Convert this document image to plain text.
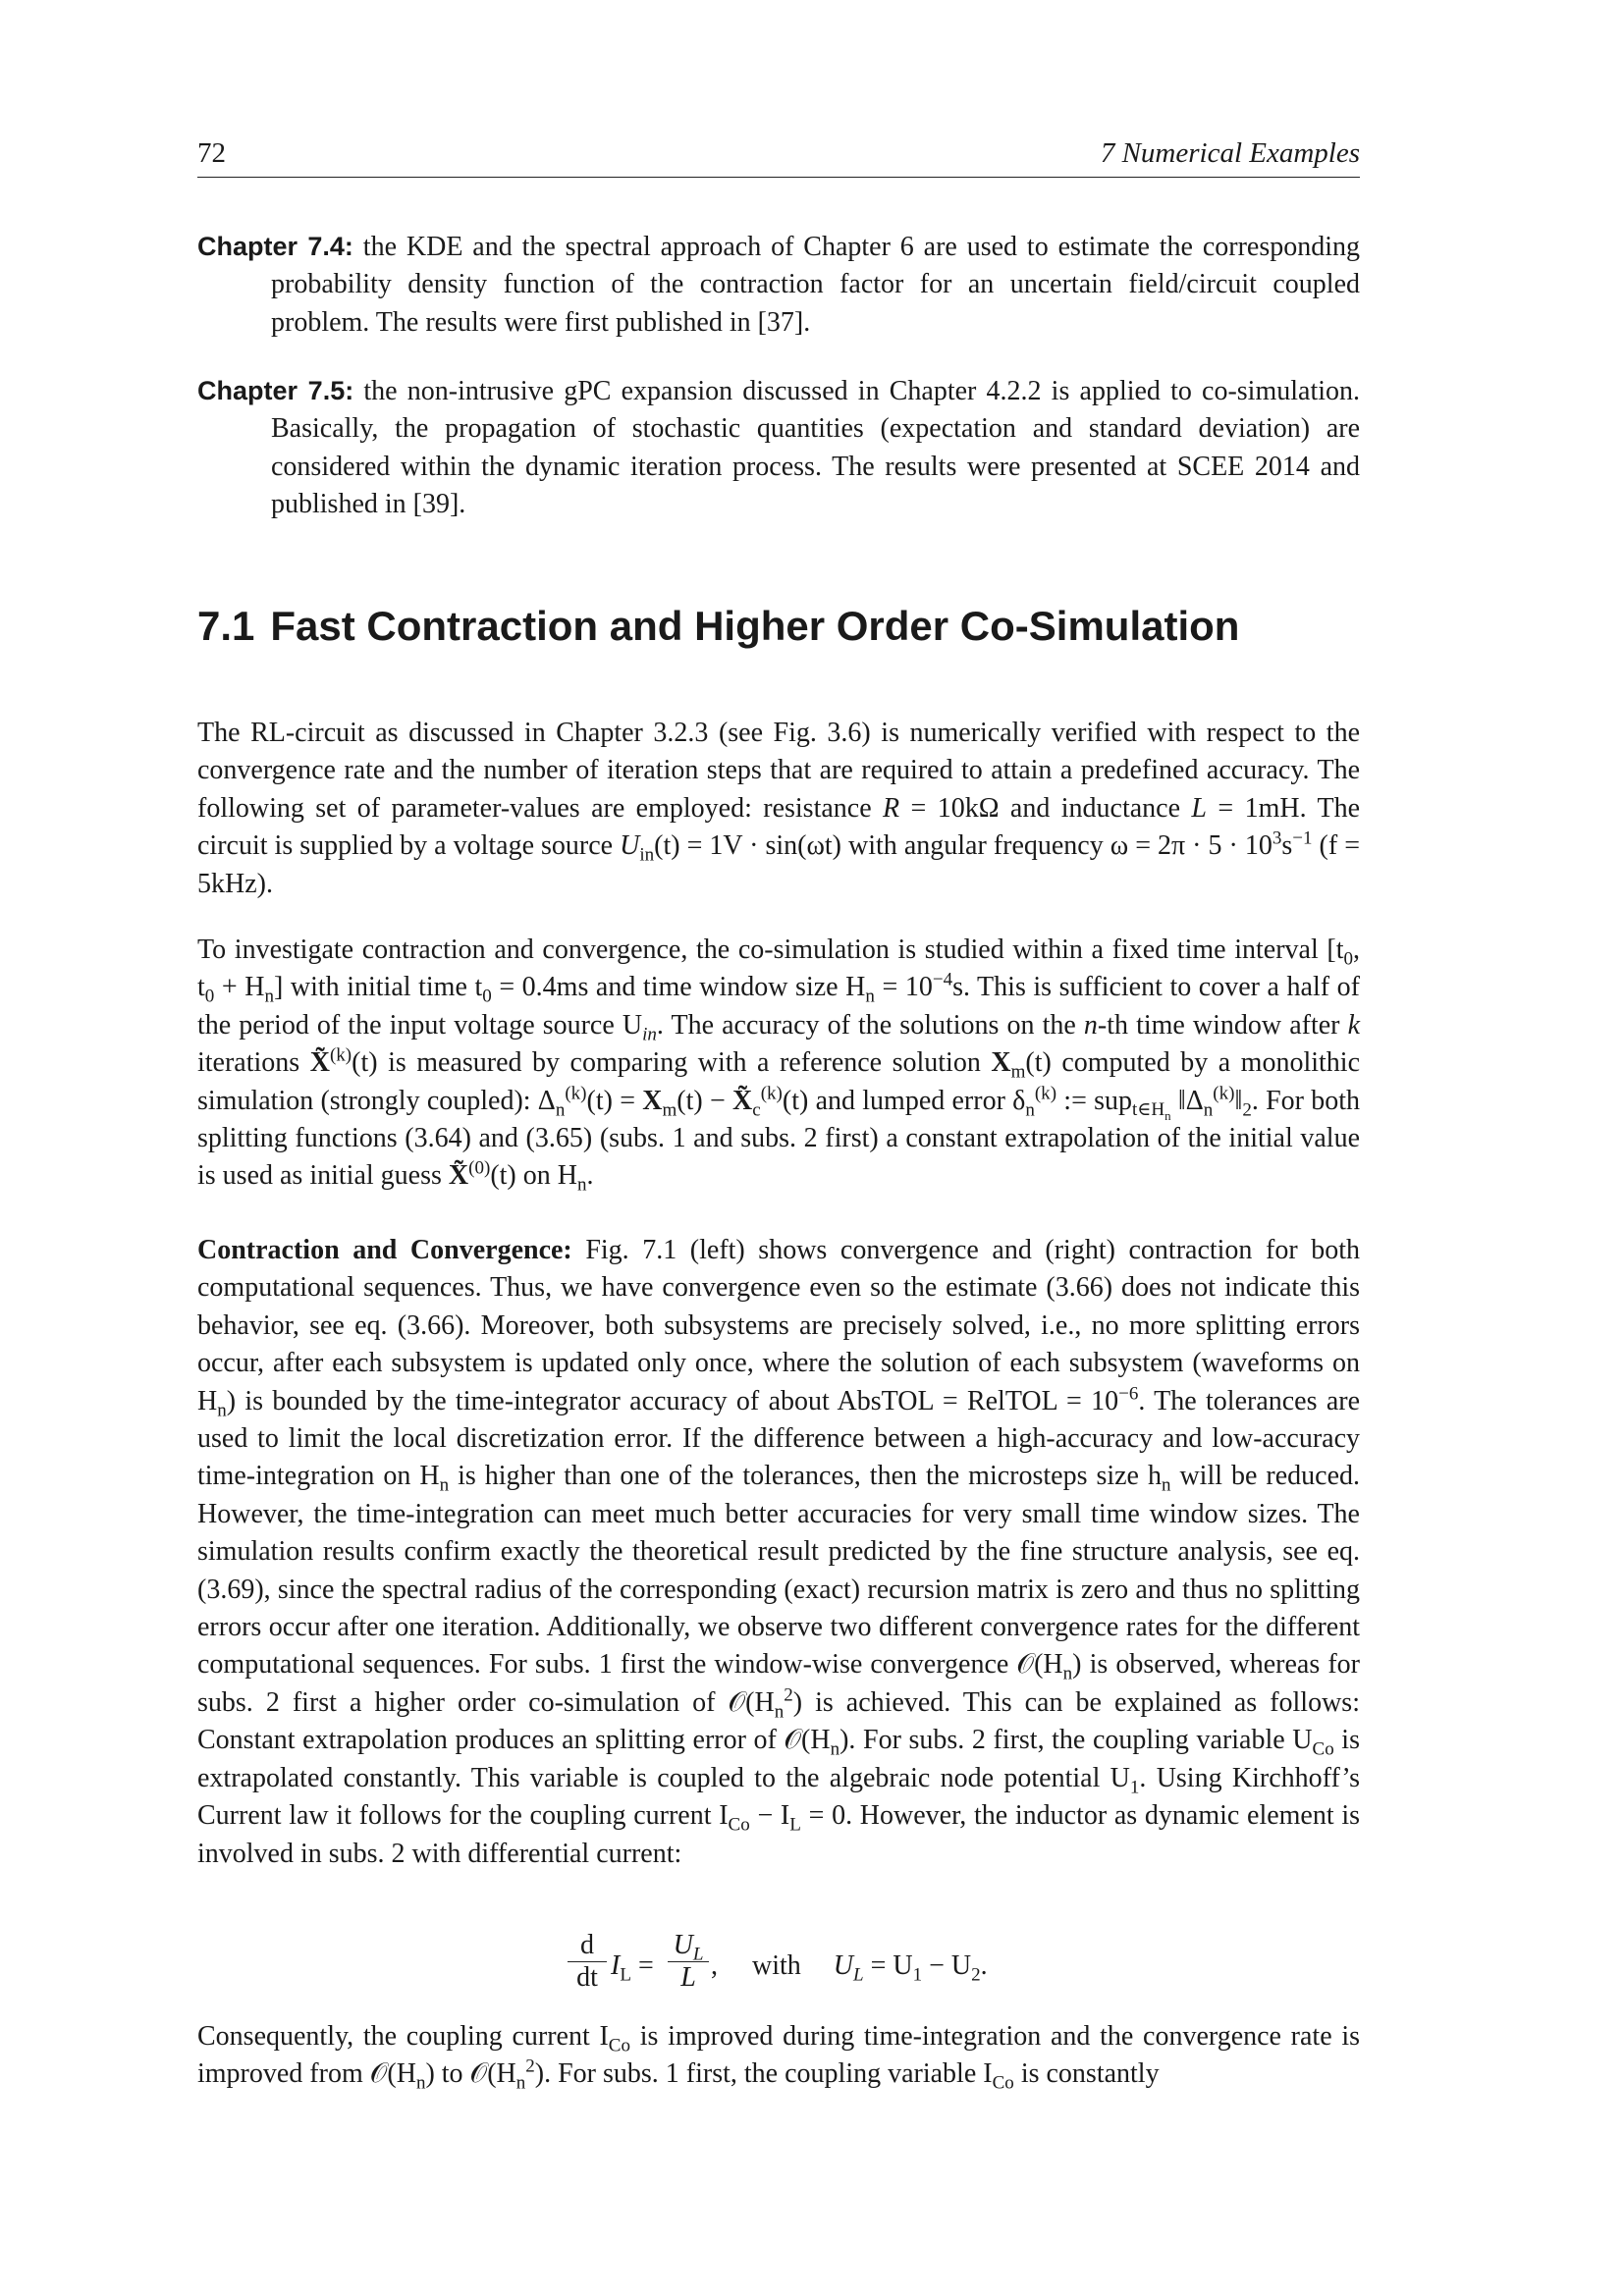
72	7 Numerical Examples

Chapter 7.4: the KDE and the spectral approach of Chapter 6 are used to estimate the corresponding probability density function of the contraction factor for an uncertain field/circuit coupled problem. The results were first published in [37].

Chapter 7.5: the non-intrusive gPC expansion discussed in Chapter 4.2.2 is applied to co-simulation. Basically, the propagation of stochastic quantities (expectation and standard deviation) are considered within the dynamic iteration process. The results were presented at SCEE 2014 and published in [39].

7.1 Fast Contraction and Higher Order Co-Simulation

The RL-circuit as discussed in Chapter 3.2.3 (see Fig. 3.6) is numerically verified with respect to the convergence rate and the number of iteration steps that are required to attain a predefined accuracy. The following set of parameter-values are employed: resistance R = 10kΩ and inductance L = 1mH. The circuit is supplied by a voltage source $U_{in}(t) = 1V \cdot \sin(\omega t)$ with angular frequency $\omega = 2\pi \cdot 5 \cdot 10^3s^{-1}$ (f = 5kHz).

To investigate contraction and convergence, the co-simulation is studied within a fixed time interval [$t_0$, $t_0 + H_n$] with initial time $t_0 = 0.4ms$ and time window size $H_n = 10^{-4}s$. This is sufficient to cover a half of the period of the input voltage source $U_{in}$. The accuracy of the solutions on the n-th time window after k iterations X̃$^{(k)}$(t) is measured by comparing with a reference solution $X_m(t)$ computed by a monolithic simulation (strongly coupled): $\Delta_n^{(k)}(t) = X_m(t)$ − $X̃_c^{(k)}(t)$ and lumped error $\delta_n^{(k)}$ := sup$_{t\in H_n}$ $‖\Delta_n^{(k)}‖_2$. For both splitting functions (3.64) and (3.65) (subs. 1 and subs. 2 first) a constant extrapolation of the initial value is used as initial guess X̃$^{(0)}$(t) on $H_n$.

Contraction and Convergence: Fig. 7.1 (left) shows convergence and (right) contraction for both computational sequences. Thus, we have convergence even so the estimate (3.66) does not indicate this behavior, see eq. (3.66). Moreover, both subsystems are precisely solved, i.e., no more splitting errors occur, after each subsystem is updated only once, where the solution of each subsystem (waveforms on $H_n$) is bounded by the time-integrator accuracy of about AbsTOL = RelTOL = $10^{-6}$. The tolerances are used to limit the local discretization error. If the difference between a high-accuracy and low-accuracy time-integration on $H_n$ is higher than one of the tolerances, then the microsteps size $h_n$ will be reduced. However, the time-integration can meet much better accuracies for very small time window sizes. The simulation results confirm exactly the theoretical result predicted by the fine structure analysis, see eq. (3.69), since the spectral radius of the corresponding (exact) recursion matrix is zero and thus no splitting errors occur after one iteration. Additionally, we observe two different convergence rates for the different computational sequences. For subs. 1 first the window-wise convergence $𝒪(H_n)$ is observed, whereas for subs. 2 first a higher order co-simulation of $𝒪(H_n^2)$ is achieved. This can be explained as follows: Constant extrapolation produces an splitting error of $𝒪(H_n)$. For subs. 2 first, the coupling variable $U_{Co}$ is extrapolated constantly. This variable is coupled to the algebraic node potential $U_1$. Using Kirchhoff’s Current law it follows for the coupling current $I_{Co} - I_L = 0$. However, the inductor as dynamic element is involved in subs. 2 with differential current:

$\frac{d}{dt} I_L = \frac{U_L}{L}$ , with $U_L = U_1 - U_2$.

Consequently, the coupling current $I_{Co}$ is improved during time-integration and the convergence rate is improved from $𝒪(H_n)$ to $𝒪(H_n^2)$. For subs. 1 first, the coupling variable $I_{Co}$ is constantly
